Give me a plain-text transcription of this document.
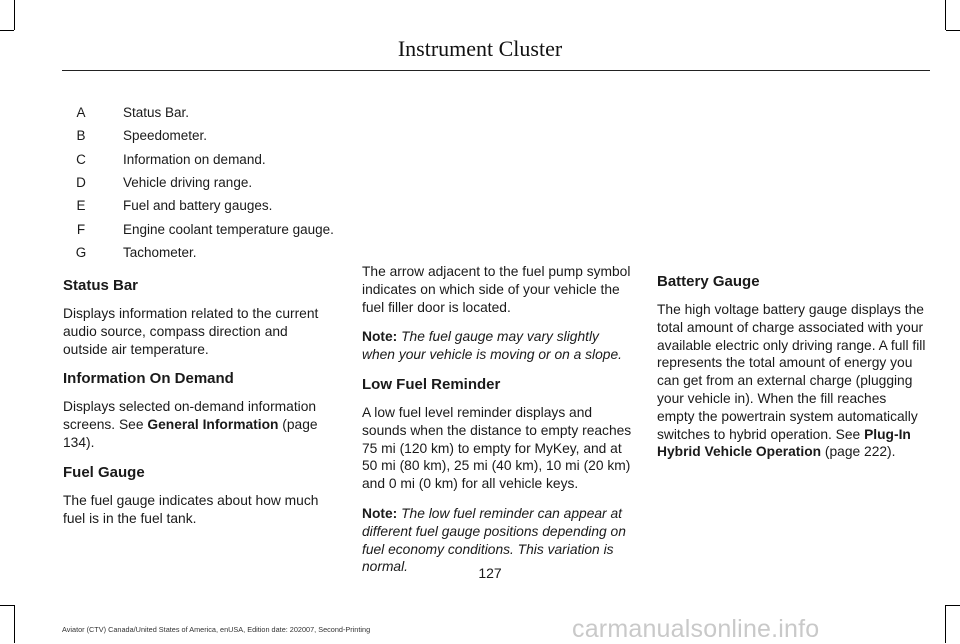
Instrument Cluster
A	Status Bar.
B	Speedometer.
C	Information on demand.
D	Vehicle driving range.
E	Fuel and battery gauges.
F	Engine coolant temperature gauge.
G	Tachometer.
Status Bar

Displays information related to the current audio source, compass direction and outside air temperature.

Information On Demand

Displays selected on-demand information screens. See General Information (page 134).

Fuel Gauge

The fuel gauge indicates about how much fuel is in the fuel tank.

The arrow adjacent to the fuel pump symbol indicates on which side of your vehicle the fuel filler door is located.

Note: The fuel gauge may vary slightly when your vehicle is moving or on a slope.

Low Fuel Reminder

A low fuel level reminder displays and sounds when the distance to empty reaches 75 mi (120 km) to empty for MyKey, and at 50 mi (80 km), 25 mi (40 km), 10 mi (20 km) and 0 mi (0 km) for all vehicle keys.

Note: The low fuel reminder can appear at different fuel gauge positions depending on fuel economy conditions. This variation is normal.

Battery Gauge

The high voltage battery gauge displays the total amount of charge associated with your available electric only driving range. A full fill represents the total amount of energy you can get from an external charge (plugging your vehicle in). When the fill reaches empty the powertrain system automatically switches to hybrid operation. See Plug-In Hybrid Vehicle Operation (page 222).

127
Aviator (CTV) Canada/United States of America, enUSA, Edition date: 202007, Second-Printing	carmanualsonline.info
